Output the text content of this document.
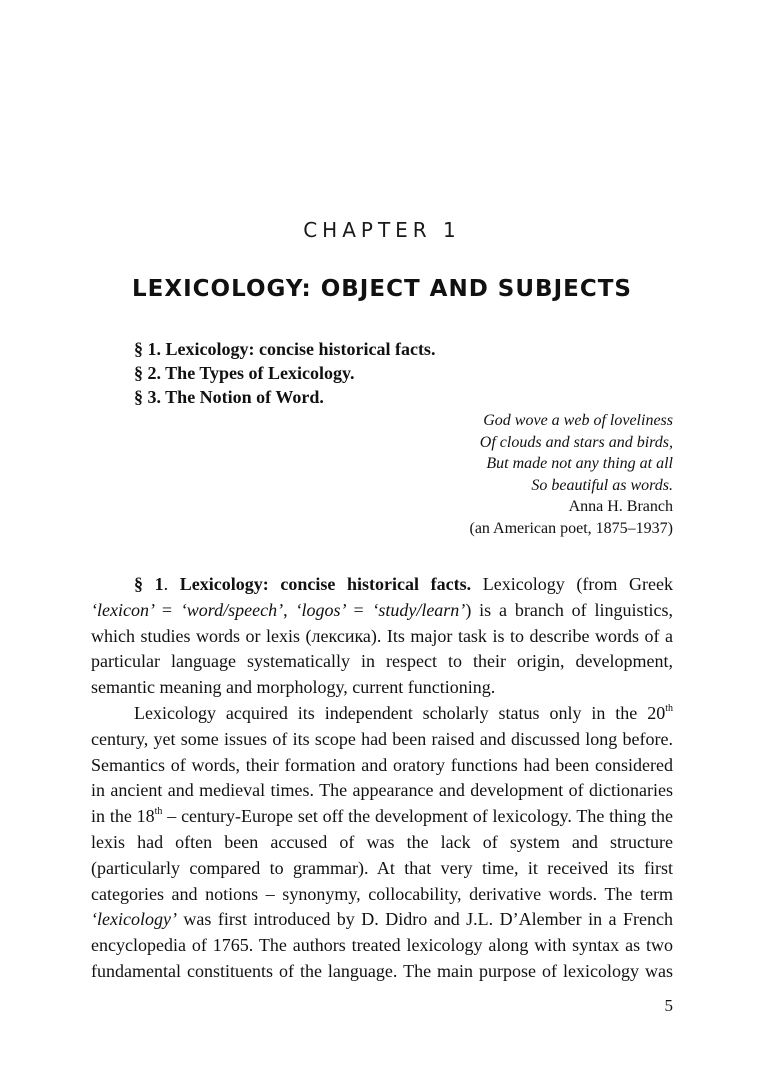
CHAPTER 1
LEXICOLOGY: OBJECT AND SUBJECTS
§ 1. Lexicology: concise historical facts.
§ 2. The Types of Lexicology.
§ 3. The Notion of Word.
God wove a web of loveliness
Of clouds and stars and birds,
But made not any thing at all
So beautiful as words.
Anna H. Branch
(an American poet, 1875–1937)

§ 1. Lexicology: concise historical facts. Lexicology (from Greek ‘lexicon’ = ‘word/speech’, ‘logos’ = ‘study/learn’) is a branch of linguistics, which studies words or lexis (лексика). Its major task is to describe words of a particular language systematically in respect to their origin, development, semantic meaning and morphology, current functioning.

Lexicology acquired its independent scholarly status only in the 20th century, yet some issues of its scope had been raised and discussed long before. Semantics of words, their formation and oratory functions had been considered in ancient and medieval times. The appearance and development of dictionaries in the 18th – century-Europe set off the development of lexicology. The thing the lexis had often been accused of was the lack of system and structure (particularly compared to grammar). At that very time, it received its first categories and notions – synonymy, collocability, derivative words. The term ‘lexicology’ was first introduced by D. Didro and J.L. D’Alember in a French encyclopedia of 1765. The authors treated lexicology along with syntax as two fundamental constituents of the language. The main purpose of lexicology was

5
